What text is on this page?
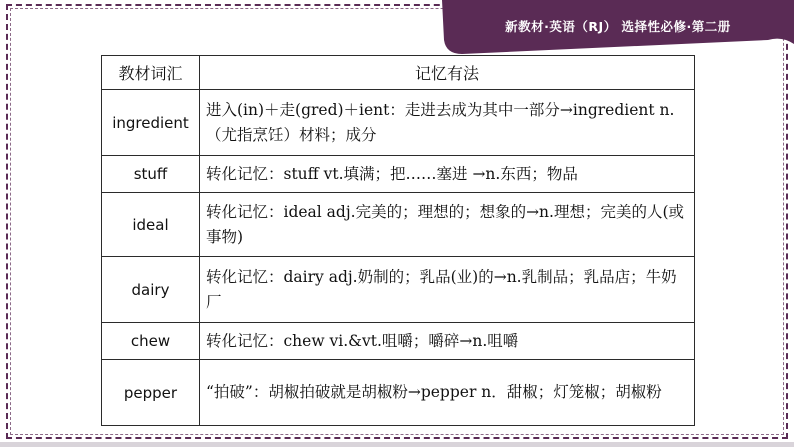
新教材·英语（RJ） 选择性必修·第二册
教材词汇	记忆有法
ingredient	进入(in)＋走(gred)＋ient：走进去成为其中一部分→ingredient n.（尤指烹饪）材料；成分
stuff	转化记忆：stuff vt.填满；把……塞进 →n.东西；物品
ideal	转化记忆：ideal adj.完美的；理想的；想象的→n.理想；完美的人(或事物)
dairy	转化记忆：dairy adj.奶制的；乳品(业)的→n.乳制品；乳品店；牛奶厂
chew	转化记忆：chew vi.&vt.咀嚼；嚼碎→n.咀嚼
pepper	“拍破”：胡椒拍破就是胡椒粉→pepper n．甜椒；灯笼椒；胡椒粉
